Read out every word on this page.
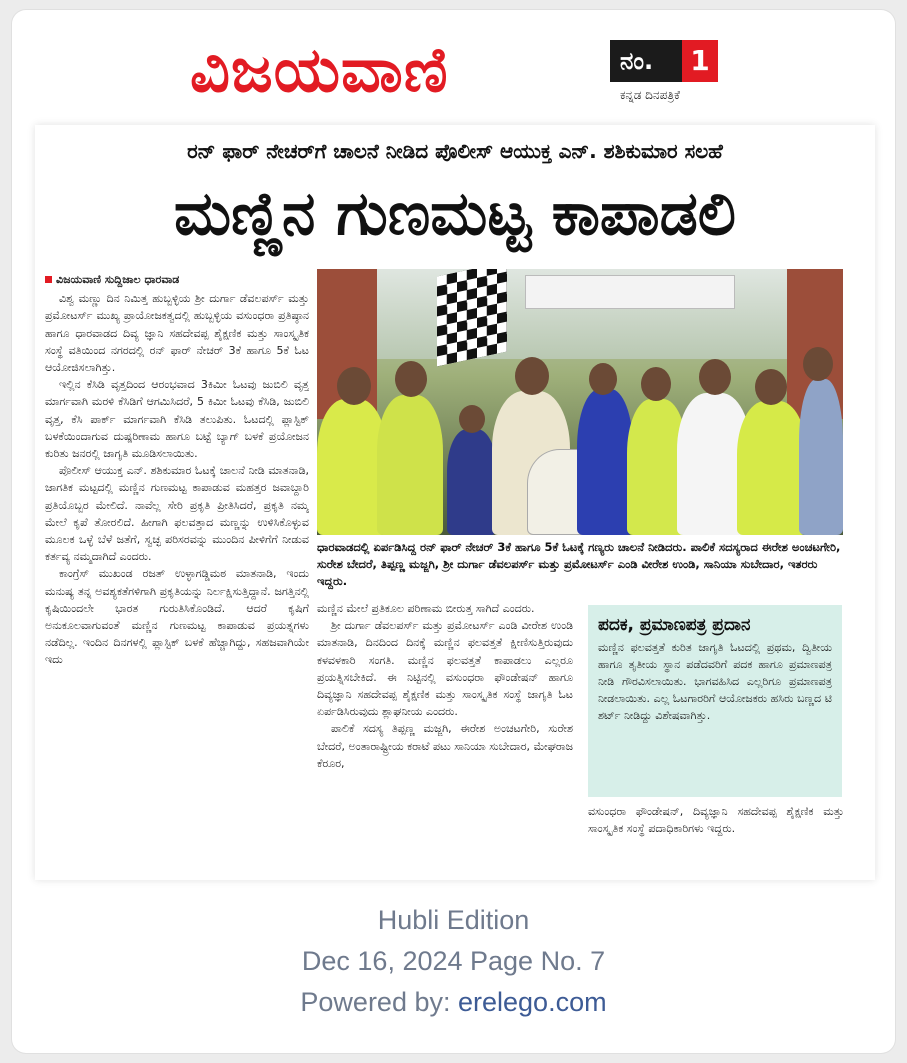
ವಿಜಯವಾಣಿ	ನಂ. 1
ಕನ್ನಡ ದಿನಪತ್ರಿಕೆ
ರನ್ ಫಾರ್ ನೇಚರ್‌ಗೆ ಚಾಲನೆ ನೀಡಿದ ಪೊಲೀಸ್ ಆಯುಕ್ತ ಎನ್. ಶಶಿಕುಮಾರ ಸಲಹೆ
ಮಣ್ಣಿನ ಗುಣಮಟ್ಟ ಕಾಪಾಡಲಿ
ವಿಜಯವಾಣಿ ಸುದ್ದಿಜಾಲ ಧಾರವಾಡ

ವಿಶ್ವ ಮಣ್ಣು ದಿನ ನಿಮಿತ್ತ ಹುಬ್ಬಳ್ಳಿಯ ಶ್ರೀ ದುರ್ಗಾ ಡೆವಲಪರ್ಸ್ ಮತ್ತು ಪ್ರಮೋಟರ್ಸ್ ಮುಖ್ಯ ಪ್ರಾಯೋಜಕತ್ವದಲ್ಲಿ ಹುಬ್ಬಳ್ಳಿಯ ವಸುಂಧರಾ ಪ್ರತಿಷ್ಠಾನ ಹಾಗೂ ಧಾರವಾಡದ ದಿವ್ಯ ಜ್ಞಾನಿ ಸಹದೇವಪ್ಪ ಶೈಕ್ಷಣಿಕ ಮತ್ತು ಸಾಂಸ್ಕೃತಿಕ ಸಂಸ್ಥೆ ವತಿಯಿಂದ ನಗರದಲ್ಲಿ ರನ್ ಫಾರ್ ನೇಚರ್ 3ಕೆ ಹಾಗೂ 5ಕೆ ಓಟ ಆಯೋಜಿಸಲಾಗಿತ್ತು.

ಇಲ್ಲಿನ ಕೆಸಿಡಿ ವೃತ್ತದಿಂದ ಆರಂಭವಾದ 3ಕಿಮೀ ಓಟವು ಜುಬಿಲಿ ವೃತ್ತ ಮಾರ್ಗವಾಗಿ ಮರಳಿ ಕೆಸಿಡಿಗೆ ಆಗಮಿಸಿದರೆ, 5 ಕಿಮೀ ಓಟವು ಕೆಸಿಡಿ, ಜುಬಿಲಿ ವೃತ್ತ, ಕೆಸಿ ಪಾರ್ಕ್ ಮಾರ್ಗವಾಗಿ ಕೆಸಿಡಿ ತಲುಪಿತು. ಓಟದಲ್ಲಿ ಪ್ಲಾಸ್ಟಿಕ್ ಬಳಕೆಯಿಂದಾಗುವ ದುಷ್ಪರಿಣಾಮ ಹಾಗೂ ಬಟ್ಟೆ ಬ್ಯಾಗ್ ಬಳಕೆ ಪ್ರಯೋಜನ ಕುರಿತು ಜನರಲ್ಲಿ ಜಾಗೃತಿ ಮೂಡಿಸಲಾಯಿತು.

ಪೊಲೀಸ್ ಆಯುಕ್ತ ಎನ್. ಶಶಿಕುಮಾರ ಓಟಕ್ಕೆ ಚಾಲನೆ ನೀಡಿ ಮಾತನಾಡಿ, ಜಾಗತಿಕ ಮಟ್ಟದಲ್ಲಿ ಮಣ್ಣಿನ ಗುಣಮಟ್ಟ ಕಾಪಾಡುವ ಮಹತ್ತರ ಜವಾಬ್ದಾರಿ ಪ್ರತಿಯೊಬ್ಬರ ಮೇಲಿದೆ. ನಾವೆಲ್ಲ ಸೇರಿ ಪ್ರಕೃತಿ ಪ್ರೀತಿಸಿದರೆ, ಪ್ರಕೃತಿ ನಮ್ಮ ಮೇಲೆ ಕೃಪೆ ತೋರಲಿದೆ. ಹೀಗಾಗಿ ಫಲವತ್ತಾದ ಮಣ್ಣನ್ನು ಉಳಿಸಿಕೊಳ್ಳುವ ಮೂಲಕ ಒಳ್ಳೆ ಬೆಳೆ ಜತೆಗೆ, ಸ್ವಚ್ಛ ಪರಿಸರವನ್ನು ಮುಂದಿನ ಪೀಳಿಗೆಗೆ ನೀಡುವ ಕರ್ತವ್ಯ ನಮ್ಮದಾಗಿದೆ ಎಂದರು.

ಕಾಂಗ್ರೆಸ್ ಮುಖಂಡ ರಜತ್ ಉಳ್ಳಾಗಡ್ಡಿಮಠ ಮಾತನಾಡಿ, ಇಂದು ಮನುಷ್ಯ ತನ್ನ ಅವಶ್ಯಕತೆಗಳಿಗಾಗಿ ಪ್ರಕೃತಿಯನ್ನು ನಿರ್ಲಕ್ಷಿಸುತ್ತಿದ್ದಾನೆ. ಜಗತ್ತಿನಲ್ಲಿ ಕೃಷಿಯಿಂದಲೇ ಭಾರತ ಗುರುತಿಸಿಕೊಂಡಿದೆ. ಆದರೆ ಕೃಷಿಗೆ ಅನುಕೂಲವಾಗುವಂತೆ ಮಣ್ಣಿನ ಗುಣಮಟ್ಟ ಕಾಪಾಡುವ ಪ್ರಯತ್ನಗಳು ನಡೆದಿಲ್ಲ. ಇಂದಿನ ದಿನಗಳಲ್ಲಿ ಪ್ಲಾಸ್ಟಿಕ್ ಬಳಕೆ ಹೆಚ್ಚಾಗಿದ್ದು, ಸಹಜವಾಗಿಯೇ ಇದು

ಧಾರವಾಡದಲ್ಲಿ ಏರ್ಪಡಿಸಿದ್ದ ರನ್ ಫಾರ್ ನೇಚರ್ 3ಕೆ ಹಾಗೂ 5ಕೆ ಓಟಕ್ಕೆ ಗಣ್ಯರು ಚಾಲನೆ ನೀಡಿದರು. ಪಾಲಿಕೆ ಸದಸ್ಯರಾದ ಈರೇಶ ಅಂಚಟಗೇರಿ, ಸುರೇಶ ಬೇದರೆ, ತಿಪ್ಪಣ್ಣ ಮಜ್ಜಗಿ, ಶ್ರೀ ದುರ್ಗಾ ಡೆವಲಪರ್ಸ್ ಮತ್ತು ಪ್ರಮೋಟರ್ಸ್ ಎಂಡಿ ವೀರೇಶ ಉಂಡಿ, ಸಾನಿಯಾ ಸುಬೇದಾರ, ಇತರರು ಇದ್ದರು.

ಮಣ್ಣಿನ ಮೇಲೆ ಪ್ರತಿಕೂಲ ಪರಿಣಾಮ ಬೀರುತ್ತ ಸಾಗಿದೆ ಎಂದರು.

ಶ್ರೀ ದುರ್ಗಾ ಡೆವಲಪರ್ಸ್ ಮತ್ತು ಪ್ರಮೋಟರ್ಸ್ ಎಂಡಿ ವೀರೇಶ ಉಂಡಿ ಮಾತನಾಡಿ, ದಿನದಿಂದ ದಿನಕ್ಕೆ ಮಣ್ಣಿನ ಫಲವತ್ತತೆ ಕ್ಷೀಣಿಸುತ್ತಿರುವುದು ಕಳವಳಕಾರಿ ಸಂಗತಿ. ಮಣ್ಣಿನ ಫಲವತ್ತತೆ ಕಾಪಾಡಲು ಎಲ್ಲರೂ ಪ್ರಯತ್ನಿಸಬೇಕಿದೆ. ಈ ನಿಟ್ಟಿನಲ್ಲಿ ವಸುಂಧರಾ ಫೌಂಡೇಷನ್ ಹಾಗೂ ದಿವ್ಯಜ್ಞಾನಿ ಸಹದೇವಪ್ಪ ಶೈಕ್ಷಣಿಕ ಮತ್ತು ಸಾಂಸ್ಕೃತಿಕ ಸಂಸ್ಥೆ ಜಾಗೃತಿ ಓಟ ಏರ್ಪಡಿಸಿರುವುದು ಶ್ಲಾಘನೀಯ ಎಂದರು.

ಪಾಲಿಕೆ ಸದಸ್ಯ ತಿಪ್ಪಣ್ಣ ಮಜ್ಜಗಿ, ಈರೇಶ ಅಂಚಟಗೇರಿ, ಸುರೇಶ ಬೇದರೆ, ಅಂತಾರಾಷ್ಟ್ರೀಯ ಕರಾಟೆ ಪಟು ಸಾನಿಯಾ ಸುಬೇದಾರ, ಮೇಘರಾಜ ಕೆರೂರ,

ಪದಕ, ಪ್ರಮಾಣಪತ್ರ ಪ್ರದಾನ
ಮಣ್ಣಿನ ಫಲವತ್ತತೆ ಕುರಿತ ಜಾಗೃತಿ ಓಟದಲ್ಲಿ ಪ್ರಥಮ, ದ್ವಿತೀಯ ಹಾಗೂ ತೃತೀಯ ಸ್ಥಾನ ಪಡೆದವರಿಗೆ ಪದಕ ಹಾಗೂ ಪ್ರಮಾಣಪತ್ರ ನೀಡಿ ಗೌರವಿಸಲಾಯಿತು. ಭಾಗವಹಿಸಿದ ಎಲ್ಲರಿಗೂ ಪ್ರಮಾಣಪತ್ರ ನೀಡಲಾಯಿತು. ಎಲ್ಲ ಓಟಗಾರರಿಗೆ ಆಯೋಜಕರು ಹಸಿರು ಬಣ್ಣದ ಟಿ ಶರ್ಟ್ ನೀಡಿದ್ದು ವಿಶೇಷವಾಗಿತ್ತು.

ವಸುಂಧರಾ ಫೌಂಡೇಷನ್, ದಿವ್ಯಜ್ಞಾನಿ ಸಹದೇವಪ್ಪ ಶೈಕ್ಷಣಿಕ ಮತ್ತು ಸಾಂಸ್ಕೃತಿಕ ಸಂಸ್ಥೆ ಪದಾಧಿಕಾರಿಗಳು ಇದ್ದರು.

Hubli Edition
Dec 16, 2024 Page No. 7
Powered by: erelego.com
